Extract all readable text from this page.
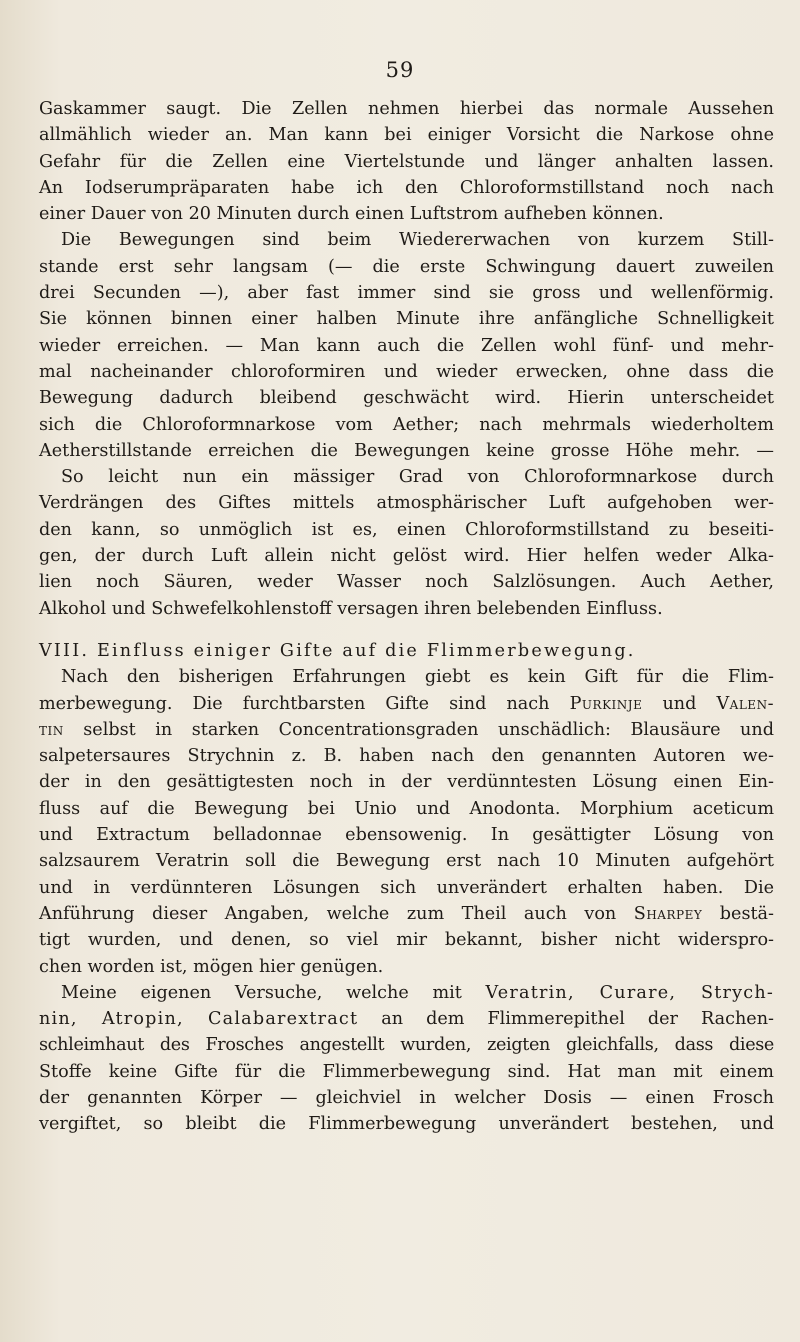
59
Gaskammer saugt. Die Zellen nehmen hierbei das normale Aussehen
allmählich wieder an. Man kann bei einiger Vorsicht die Narkose ohne
Gefahr für die Zellen eine Viertelstunde und länger anhalten lassen.
An Iodserumpräparaten habe ich den Chloroformstillstand noch nach
einer Dauer von 20 Minuten durch einen Luftstrom aufheben können.
Die Bewegungen sind beim Wiedererwachen von kurzem Still-
stande erst sehr langsam (— die erste Schwingung dauert zuweilen
drei Secunden —), aber fast immer sind sie gross und wellenförmig.
Sie können binnen einer halben Minute ihre anfängliche Schnelligkeit
wieder erreichen. — Man kann auch die Zellen wohl fünf- und mehr-
mal nacheinander chloroformiren und wieder erwecken, ohne dass die
Bewegung dadurch bleibend geschwächt wird. Hierin unterscheidet
sich die Chloroformnarkose vom Aether; nach mehrmals wiederholtem
Aetherstillstande erreichen die Bewegungen keine grosse Höhe mehr. —
So leicht nun ein mässiger Grad von Chloroformnarkose durch
Verdrängen des Giftes mittels atmosphärischer Luft aufgehoben wer-
den kann, so unmöglich ist es, einen Chloroformstillstand zu beseiti-
gen, der durch Luft allein nicht gelöst wird. Hier helfen weder Alka-
lien noch Säuren, weder Wasser noch Salzlösungen. Auch Aether,
Alkohol und Schwefelkohlenstoff versagen ihren belebenden Einfluss.
VIII. Einfluss einiger Gifte auf die Flimmerbewegung.
Nach den bisherigen Erfahrungen giebt es kein Gift für die Flim-
merbewegung. Die furchtbarsten Gifte sind nach Purkinje und Valen-
tin selbst in starken Concentrationsgraden unschädlich: Blausäure und
salpetersaures Strychnin z. B. haben nach den genannten Autoren we-
der in den gesättigtesten noch in der verdünntesten Lösung einen Ein-
fluss auf die Bewegung bei Unio und Anodonta. Morphium aceticum
und Extractum belladonnae ebensowenig. In gesättigter Lösung von
salzsaurem Veratrin soll die Bewegung erst nach 10 Minuten aufgehört
und in verdünnteren Lösungen sich unverändert erhalten haben. Die
Anführung dieser Angaben, welche zum Theil auch von Sharpey bestä-
tigt wurden, und denen, so viel mir bekannt, bisher nicht widerspro-
chen worden ist, mögen hier genügen.
Meine eigenen Versuche, welche mit Veratrin, Curare, Strych-
nin, Atropin, Calabarextract an dem Flimmerepithel der Rachen-
schleimhaut des Frosches angestellt wurden, zeigten gleichfalls, dass diese
Stoffe keine Gifte für die Flimmerbewegung sind. Hat man mit einem
der genannten Körper — gleichviel in welcher Dosis — einen Frosch
vergiftet, so bleibt die Flimmerbewegung unverändert bestehen, und
